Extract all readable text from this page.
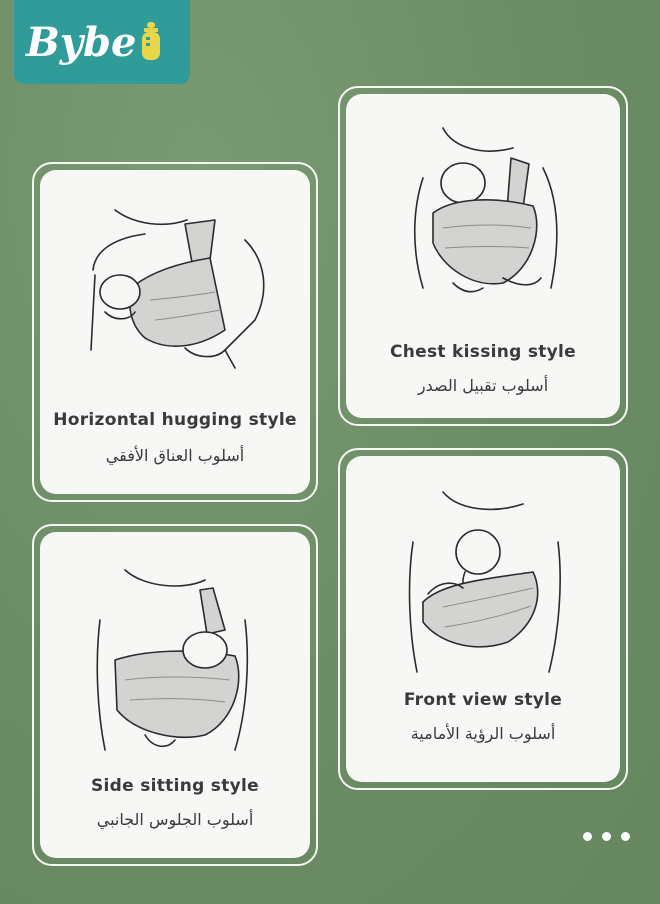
Bybe
Horizontal hugging style
أسلوب العناق الأفقي
Chest kissing style
أسلوب تقبيل الصدر
Side sitting style
أسلوب الجلوس الجانبي
Front view style
أسلوب الرؤية الأمامية
